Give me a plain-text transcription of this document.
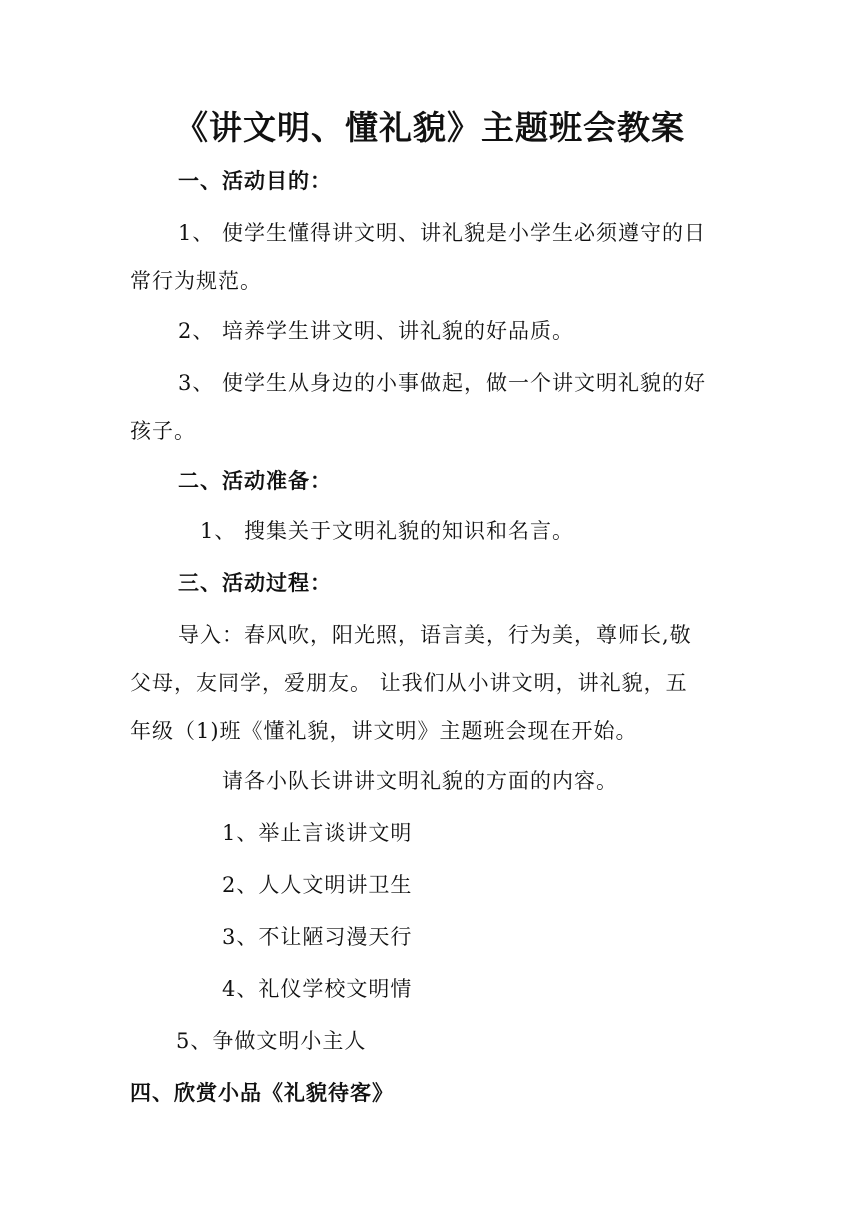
《讲文明、懂礼貌》主题班会教案
一、活动目的：
1、 使学生懂得讲文明、讲礼貌是小学生必须遵守的日
常行为规范。
2、 培养学生讲文明、讲礼貌的好品质。
3、 使学生从身边的小事做起，做一个讲文明礼貌的好
孩子。
二、活动准备：
1、 搜集关于文明礼貌的知识和名言。
三、活动过程：
导入：春风吹，阳光照，语言美，行为美，尊师长,敬
父母，友同学，爱朋友。 让我们从小讲文明，讲礼貌，五
年级（1)班《懂礼貌，讲文明》主题班会现在开始。
请各小队长讲讲文明礼貌的方面的内容。
1、举止言谈讲文明
2、人人文明讲卫生
3、不让陋习漫天行
4、礼仪学校文明情
5、争做文明小主人
四、欣赏小品《礼貌待客》
